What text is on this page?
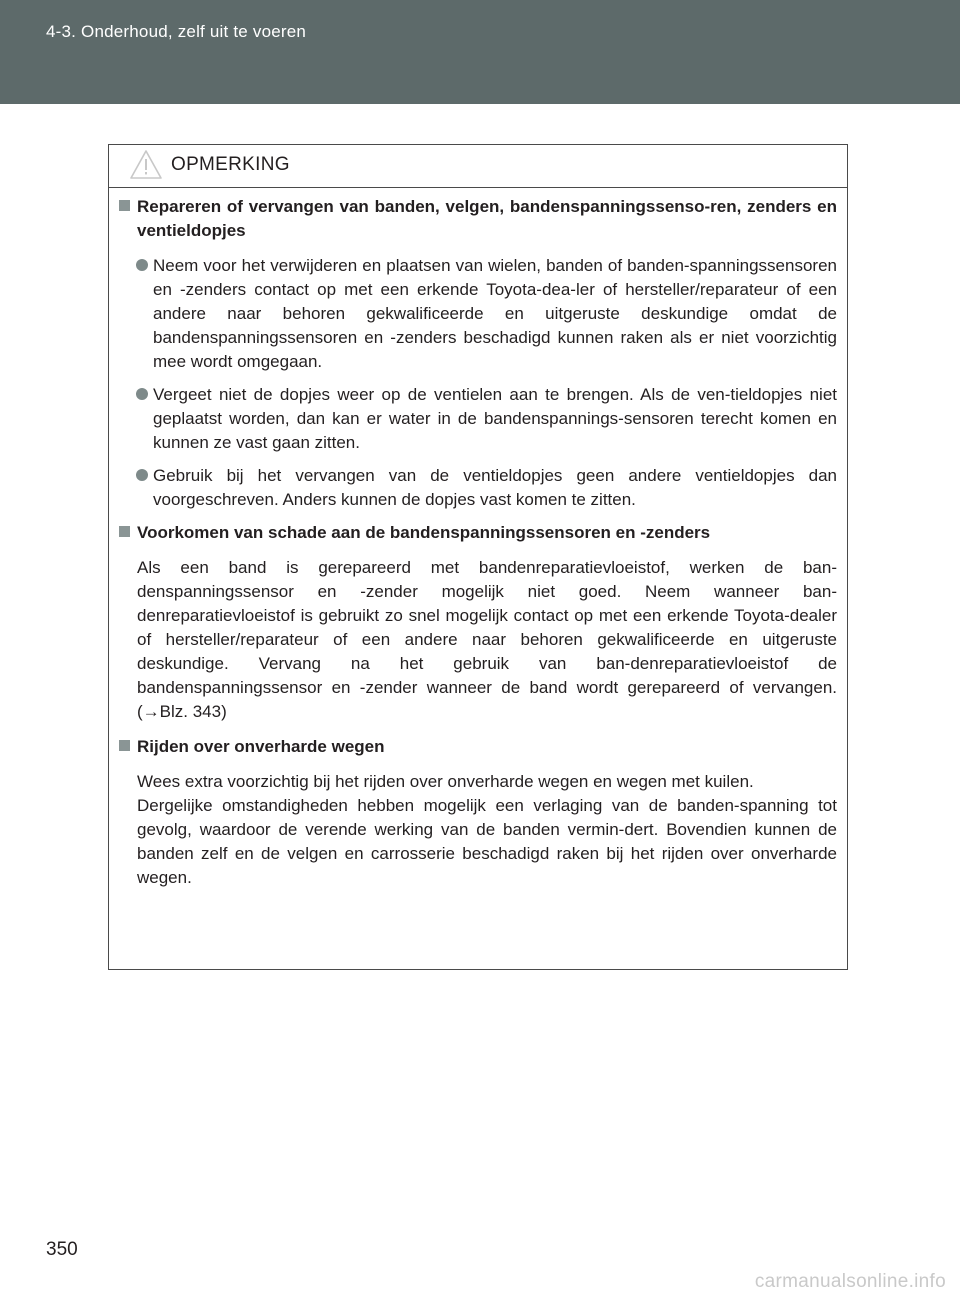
4-3. Onderhoud, zelf uit te voeren
OPMERKING
Repareren of vervangen van banden, velgen, bandenspanningssenso-ren, zenders en ventieldopjes
Neem voor het verwijderen en plaatsen van wielen, banden of banden-spanningssensoren en -zenders contact op met een erkende Toyota-dea-ler of hersteller/reparateur of een andere naar behoren gekwalificeerde en uitgeruste deskundige omdat de bandenspanningssensoren en -zenders beschadigd kunnen raken als er niet voorzichtig mee wordt omgegaan.
Vergeet niet de dopjes weer op de ventielen aan te brengen. Als de ven-tieldopjes niet geplaatst worden, dan kan er water in de bandenspannings-sensoren terecht komen en kunnen ze vast gaan zitten.
Gebruik bij het vervangen van de ventieldopjes geen andere ventieldopjes dan voorgeschreven. Anders kunnen de dopjes vast komen te zitten.
Voorkomen van schade aan de bandenspanningssensoren en -zenders
Als een band is gerepareerd met bandenreparatievloeistof, werken de ban-denspanningssensor en -zender mogelijk niet goed. Neem wanneer ban-denreparatievloeistof is gebruikt zo snel mogelijk contact op met een erkende Toyota-dealer of hersteller/reparateur of een andere naar behoren gekwalificeerde en uitgeruste deskundige. Vervang na het gebruik van ban-denreparatievloeistof de bandenspanningssensor en -zender wanneer de band wordt gerepareerd of vervangen. (→Blz. 343)
Rijden over onverharde wegen
Wees extra voorzichtig bij het rijden over onverharde wegen en wegen met kuilen.
Dergelijke omstandigheden hebben mogelijk een verlaging van de banden-spanning tot gevolg, waardoor de verende werking van de banden vermin-dert. Bovendien kunnen de banden zelf en de velgen en carrosserie beschadigd raken bij het rijden over onverharde wegen.
350
carmanualsonline.info
